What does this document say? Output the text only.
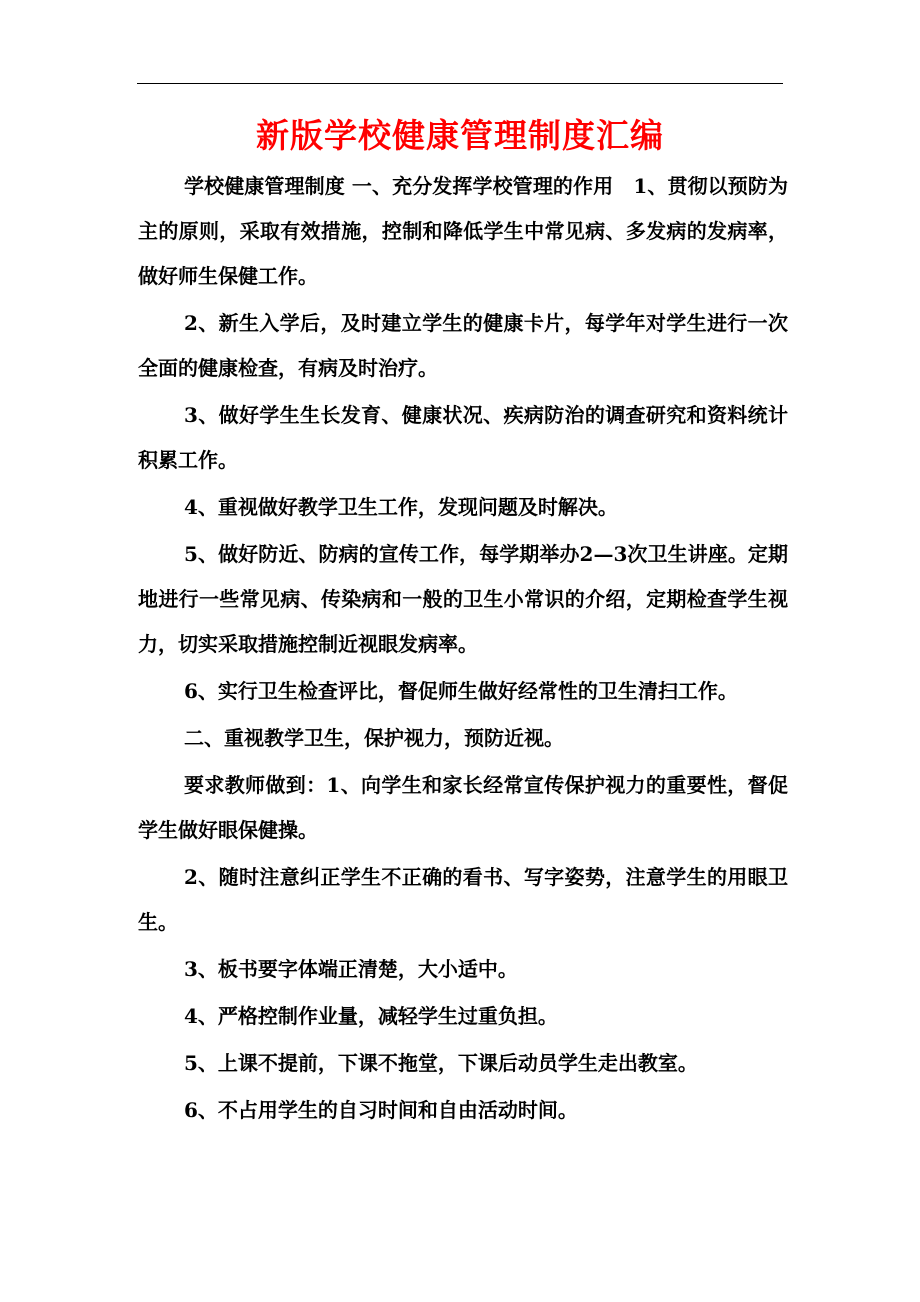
新版学校健康管理制度汇编

学校健康管理制度 一、充分发挥学校管理的作用　1、贯彻以预防为主的原则，采取有效措施，控制和降低学生中常见病、多发病的发病率，做好师生保健工作。

2、新生入学后，及时建立学生的健康卡片，每学年对学生进行一次全面的健康检查，有病及时治疗。

3、做好学生生长发育、健康状况、疾病防治的调查研究和资料统计积累工作。

4、重视做好教学卫生工作，发现问题及时解决。

5、做好防近、防病的宣传工作，每学期举办2—3次卫生讲座。定期地进行一些常见病、传染病和一般的卫生小常识的介绍，定期检查学生视力，切实采取措施控制近视眼发病率。

6、实行卫生检查评比，督促师生做好经常性的卫生清扫工作。

二、重视教学卫生，保护视力，预防近视。

要求教师做到：1、向学生和家长经常宣传保护视力的重要性，督促学生做好眼保健操。

2、随时注意纠正学生不正确的看书、写字姿势，注意学生的用眼卫生。

3、板书要字体端正清楚，大小适中。

4、严格控制作业量，减轻学生过重负担。

5、上课不提前，下课不拖堂，下课后动员学生走出教室。

6、不占用学生的自习时间和自由活动时间。
